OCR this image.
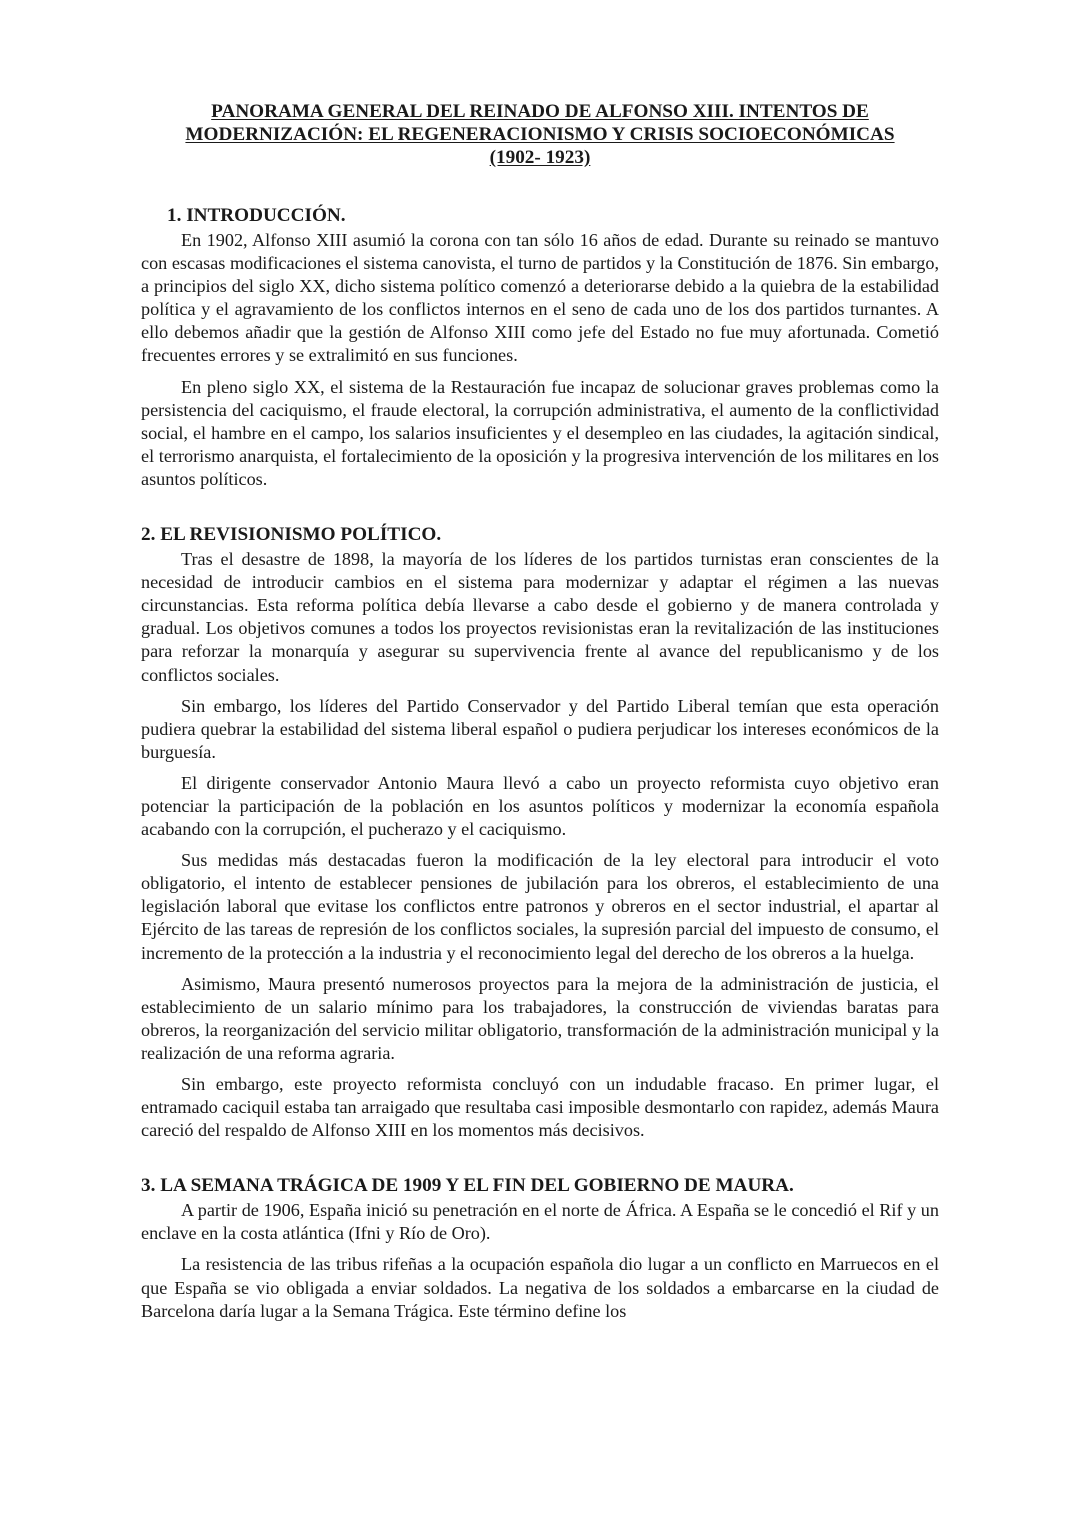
PANORAMA GENERAL DEL REINADO DE ALFONSO XIII. INTENTOS DE
MODERNIZACIÓN: EL REGENERACIONISMO Y CRISIS SOCIOECONÓMICAS
(1902- 1923)
1. INTRODUCCIÓN.

En 1902, Alfonso XIII asumió la corona con tan sólo 16 años de edad. Durante su reinado se mantuvo con escasas modificaciones el sistema canovista, el turno de partidos y la Constitución de 1876. Sin embargo, a principios del siglo XX, dicho sistema político comenzó a deteriorarse debido a la quiebra de la estabilidad política y el agravamiento de los conflictos internos en el seno de cada uno de los dos partidos turnantes. A ello debemos añadir que la gestión de Alfonso XIII como jefe del Estado no fue muy afortunada. Cometió frecuentes errores y se extralimitó en sus funciones.

En pleno siglo XX, el sistema de la Restauración fue incapaz de solucionar graves problemas como la persistencia del caciquismo, el fraude electoral, la corrupción administrativa, el aumento de la conflictividad social, el hambre en el campo, los salarios insuficientes y el desempleo en las ciudades, la agitación sindical, el terrorismo anarquista, el fortalecimiento de la oposición y la progresiva intervención de los militares en los asuntos políticos.

2. EL REVISIONISMO POLÍTICO.

Tras el desastre de 1898, la mayoría de los líderes de los partidos turnistas eran conscientes de la necesidad de introducir cambios en el sistema para modernizar y adaptar el régimen a las nuevas circunstancias. Esta reforma política debía llevarse a cabo desde el gobierno y de manera controlada y gradual. Los objetivos comunes a todos los proyectos revisionistas eran la revitalización de las instituciones para reforzar la monarquía y asegurar su supervivencia frente al avance del republicanismo y de los conflictos sociales.

Sin embargo, los líderes del Partido Conservador y del Partido Liberal temían que esta operación pudiera quebrar la estabilidad del sistema liberal español o pudiera perjudicar los intereses económicos de la burguesía.

El dirigente conservador Antonio Maura llevó a cabo un proyecto reformista cuyo objetivo eran potenciar la participación de la población en los asuntos políticos y modernizar la economía española acabando con la corrupción, el pucherazo y el caciquismo.

Sus medidas más destacadas fueron la modificación de la ley electoral para introducir el voto obligatorio, el intento de establecer pensiones de jubilación para los obreros, el establecimiento de una legislación laboral que evitase los conflictos entre patronos y obreros en el sector industrial, el apartar al Ejército de las tareas de represión de los conflictos sociales, la supresión parcial del impuesto de consumo, el incremento de la protección a la industria y el reconocimiento legal del derecho de los obreros a la huelga.

Asimismo, Maura presentó numerosos proyectos para la mejora de la administración de justicia, el establecimiento de un salario mínimo para los trabajadores, la construcción de viviendas baratas para obreros, la reorganización del servicio militar obligatorio, transformación de la administración municipal y la realización de una reforma agraria.

Sin embargo, este proyecto reformista concluyó con un indudable fracaso. En primer lugar, el entramado caciquil estaba tan arraigado que resultaba casi imposible desmontarlo con rapidez, además Maura careció del respaldo de Alfonso XIII en los momentos más decisivos.

3. LA SEMANA TRÁGICA DE 1909 Y EL FIN DEL GOBIERNO DE MAURA.

A partir de 1906, España inició su penetración en el norte de África. A España se le concedió el Rif y un enclave en la costa atlántica (Ifni y Río de Oro).

La resistencia de las tribus rifeñas a la ocupación española dio lugar a un conflicto en Marruecos en el que España se vio obligada a enviar soldados. La negativa de los soldados a embarcarse en la ciudad de Barcelona daría lugar a la Semana Trágica. Este término define los
